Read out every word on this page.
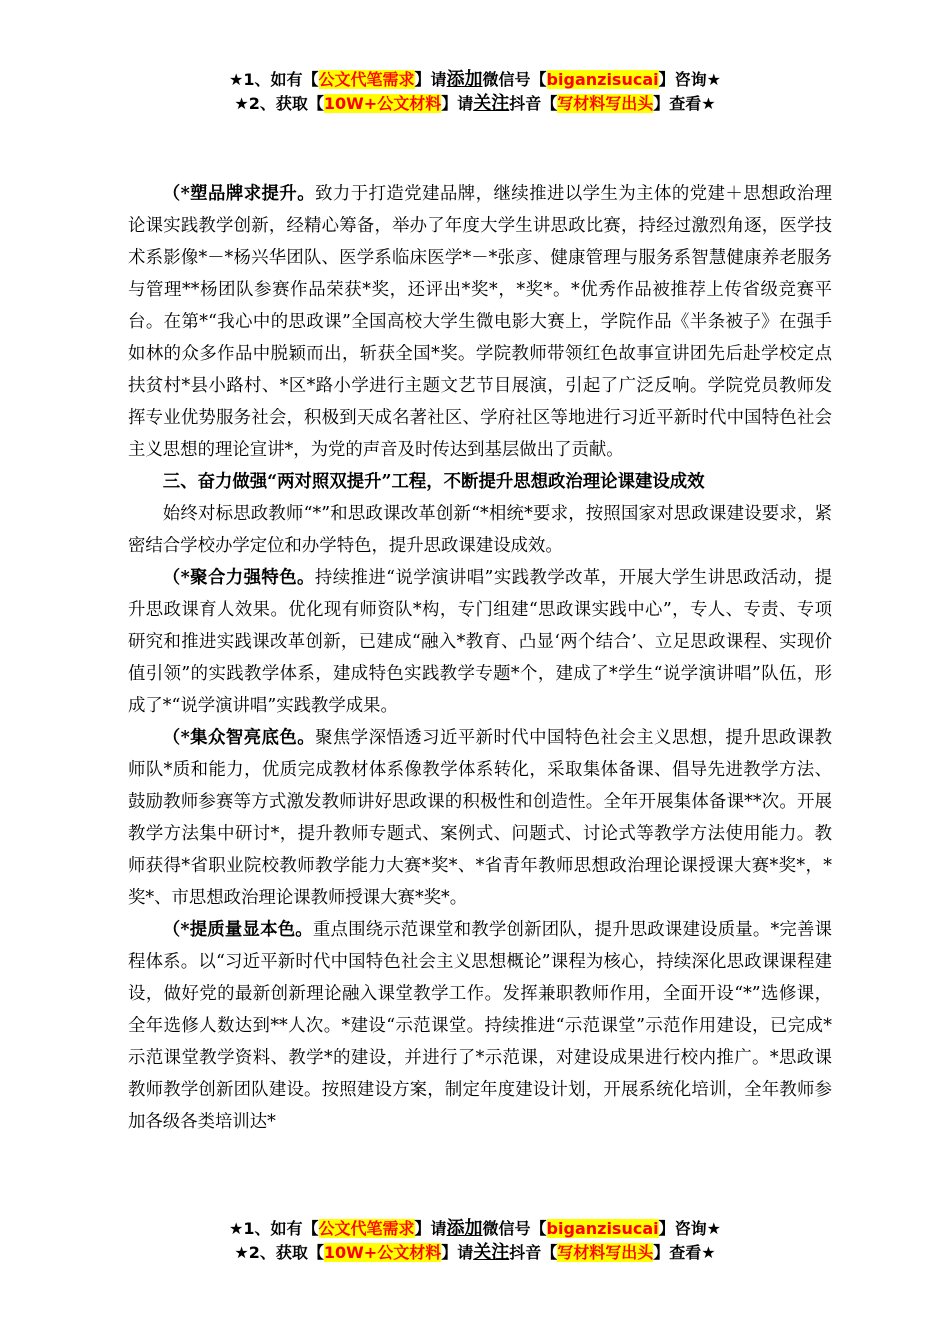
★1、如有【公文代笔需求】请添加微信号【biganzisucai】咨询★
★2、获取【10W+公文材料】请关注抖音【写材料写出头】查看★

（*塑品牌求提升。致力于打造党建品牌，继续推进以学生为主体的党建＋思想政治理论课实践教学创新，经精心筹备，举办了年度大学生讲思政比赛，持经过激烈角逐，医学技术系影像*－*杨兴华团队、医学系临床医学*－*张彦、健康管理与服务系智慧健康养老服务与管理**杨团队参赛作品荣获*奖，还评出*奖*，*奖*。*优秀作品被推荐上传省级竞赛平台。在第*“我心中的思政课”全国高校大学生微电影大赛上，学院作品《半条被子》在强手如林的众多作品中脱颖而出，斩获全国*奖。学院教师带领红色故事宣讲团先后赴学校定点扶贫村*县小路村、*区*路小学进行主题文艺节目展演，引起了广泛反响。学院党员教师发挥专业优势服务社会，积极到天成名著社区、学府社区等地进行习近平新时代中国特色社会主义思想的理论宣讲*，为党的声音及时传达到基层做出了贡献。

三、奋力做强“两对照双提升”工程，不断提升思想政治理论课建设成效

始终对标思政教师“*”和思政课改革创新“*相统*要求，按照国家对思政课建设要求，紧密结合学校办学定位和办学特色，提升思政课建设成效。

（*聚合力强特色。持续推进“说学演讲唱”实践教学改革，开展大学生讲思政活动，提升思政课育人效果。优化现有师资队*构，专门组建“思政课实践中心”，专人、专责、专项研究和推进实践课改革创新，已建成“融入*教育、凸显‘两个结合’、立足思政课程、实现价值引领”的实践教学体系，建成特色实践教学专题*个，建成了*学生“说学演讲唱”队伍，形成了*“说学演讲唱”实践教学成果。

（*集众智亮底色。聚焦学深悟透习近平新时代中国特色社会主义思想，提升思政课教师队*质和能力，优质完成教材体系像教学体系转化，采取集体备课、倡导先进教学方法、鼓励教师参赛等方式激发教师讲好思政课的积极性和创造性。全年开展集体备课**次。开展教学方法集中研讨*，提升教师专题式、案例式、问题式、讨论式等教学方法使用能力。教师获得*省职业院校教师教学能力大赛*奖*、*省青年教师思想政治理论课授课大赛*奖*，*奖*、市思想政治理论课教师授课大赛*奖*。

（*提质量显本色。重点围绕示范课堂和教学创新团队，提升思政课建设质量。*完善课程体系。以“习近平新时代中国特色社会主义思想概论”课程为核心，持续深化思政课课程建设，做好党的最新创新理论融入课堂教学工作。发挥兼职教师作用，全面开设“*”选修课，全年选修人数达到**人次。*建设“示范课堂。持续推进“示范课堂”示范作用建设，已完成*示范课堂教学资料、教学*的建设，并进行了*示范课，对建设成果进行校内推广。*思政课教师教学创新团队建设。按照建设方案，制定年度建设计划，开展系统化培训，全年教师参加各级各类培训达*

★1、如有【公文代笔需求】请添加微信号【biganzisucai】咨询★
★2、获取【10W+公文材料】请关注抖音【写材料写出头】查看★
